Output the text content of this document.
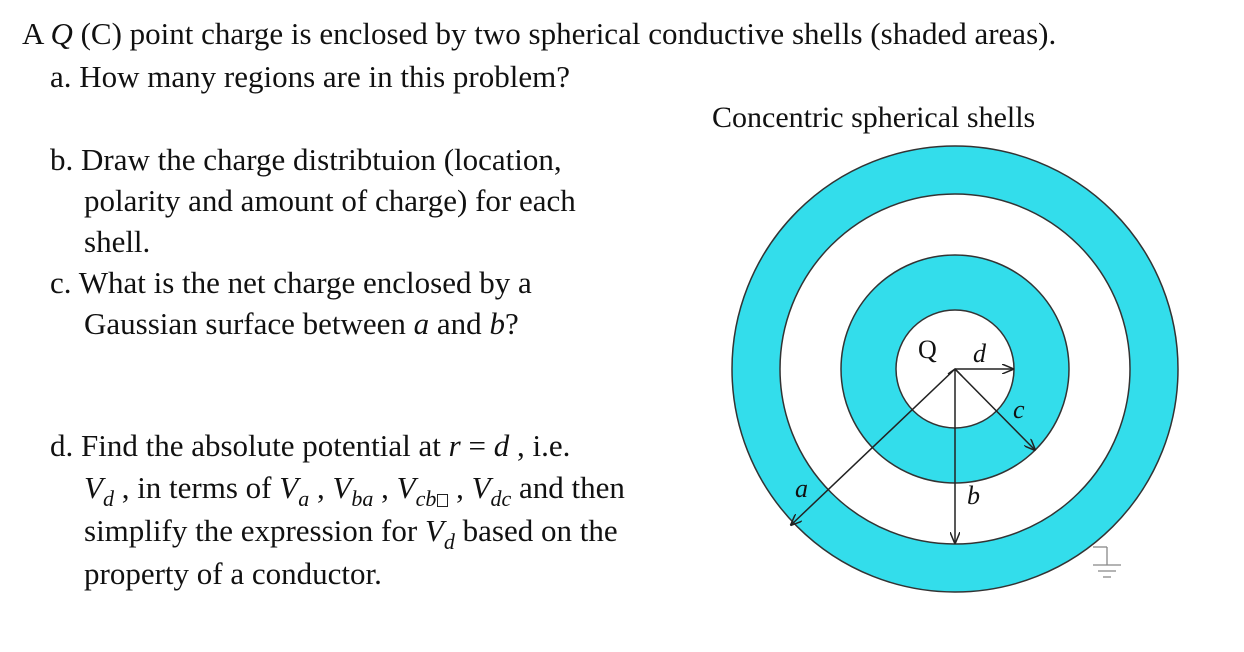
A Q (C) point charge is enclosed by two spherical conductive shells (shaded areas).
a. How many regions are in this problem?
b. Draw the charge distribtuion (location,
polarity and amount of charge) for each
shell.
c. What is the net charge enclosed by a
Gaussian surface between a and b?
d. Find the absolute potential at r = d , i.e.
$V_d$ , in terms of $V_a$ , $V_{ba}$ , $V_{cb}$ , $V_{dc}$ and then
simplify the expression for $V_d$ based on the
property of a conductor.
Concentric spherical shells
Q d
c
a	b
